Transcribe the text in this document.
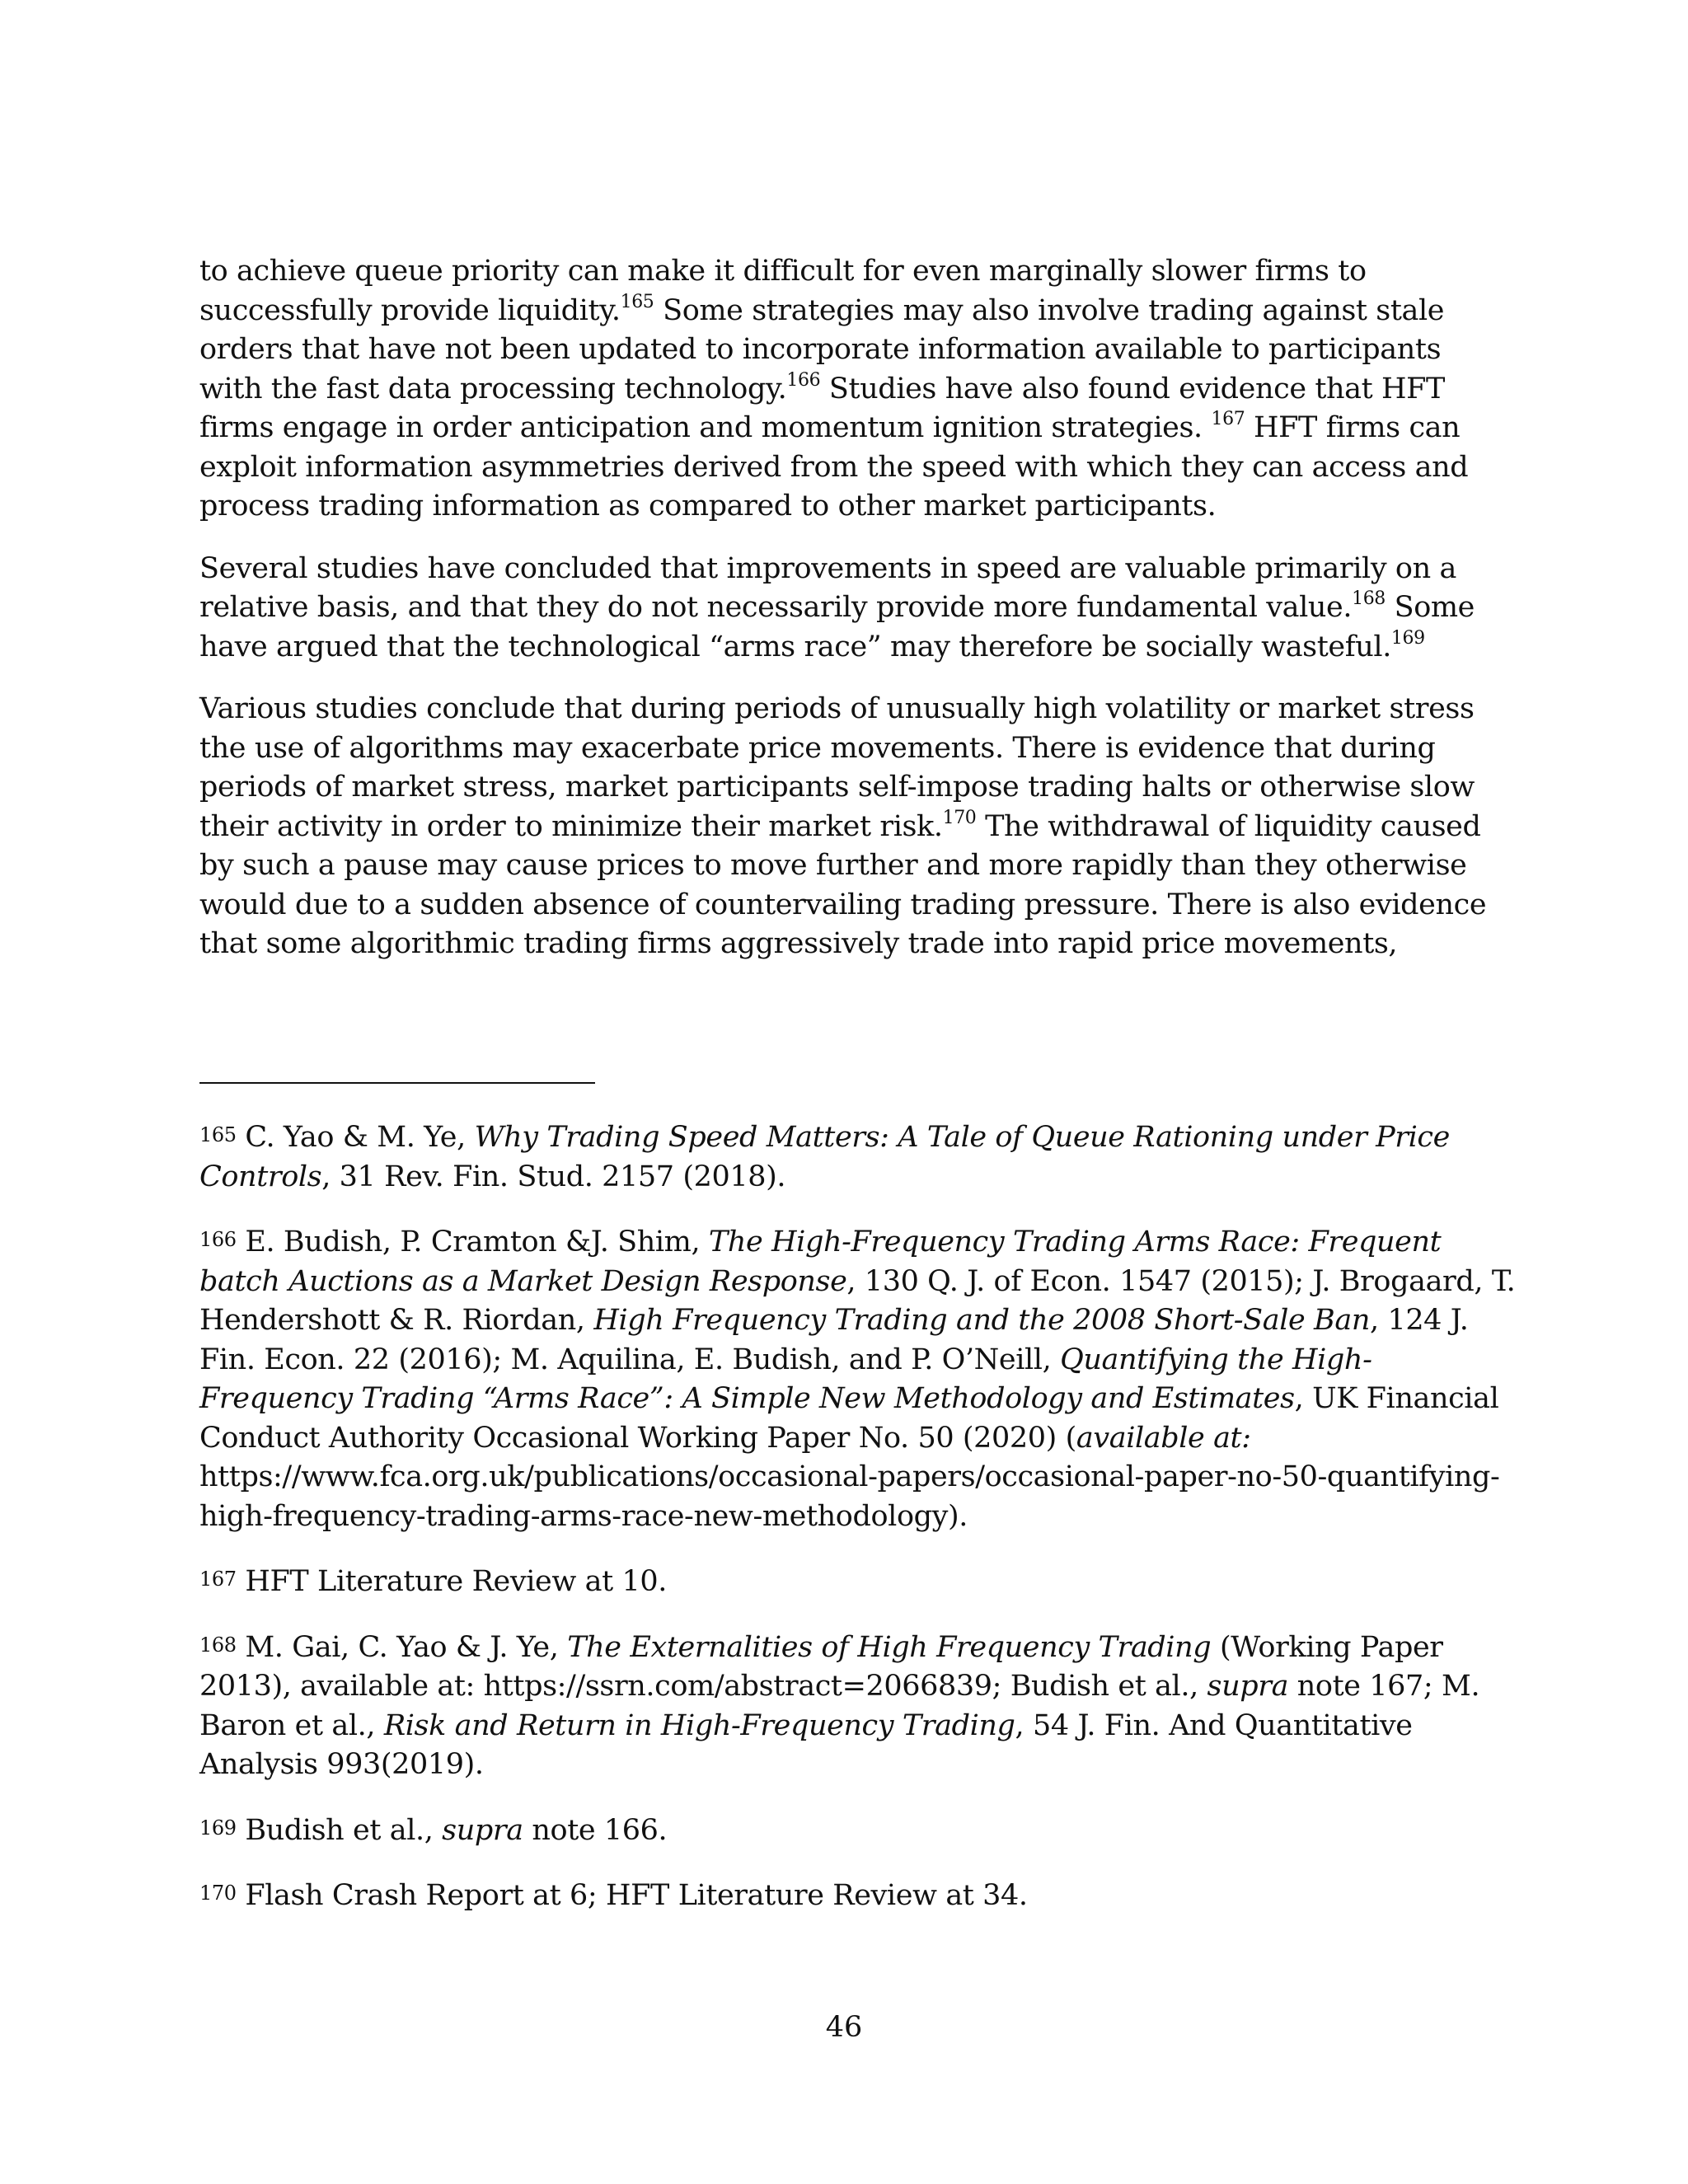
to achieve queue priority can make it difficult for even marginally slower firms to successfully provide liquidity.$^{165}$ Some strategies may also involve trading against stale orders that have not been updated to incorporate information available to participants with the fast data processing technology.$^{166}$ Studies have also found evidence that HFT firms engage in order anticipation and momentum ignition strategies. $^{167}$ HFT firms can exploit information asymmetries derived from the speed with which they can access and process trading information as compared to other market participants.

Several studies have concluded that improvements in speed are valuable primarily on a relative basis, and that they do not necessarily provide more fundamental value.$^{168}$ Some have argued that the technological “arms race” may therefore be socially wasteful.$^{169}$

Various studies conclude that during periods of unusually high volatility or market stress the use of algorithms may exacerbate price movements. There is evidence that during periods of market stress, market participants self-impose trading halts or otherwise slow their activity in order to minimize their market risk.$^{170}$ The withdrawal of liquidity caused by such a pause may cause prices to move further and more rapidly than they otherwise would due to a sudden absence of countervailing trading pressure. There is also evidence that some algorithmic trading firms aggressively trade into rapid price movements,

165 C. Yao & M. Ye, Why Trading Speed Matters: A Tale of Queue Rationing under Price Controls, 31 Rev. Fin. Stud. 2157 (2018).

166 E. Budish, P. Cramton &J. Shim, The High-Frequency Trading Arms Race: Frequent batch Auctions as a Market Design Response, 130 Q. J. of Econ. 1547 (2015); J. Brogaard, T. Hendershott & R. Riordan, High Frequency Trading and the 2008 Short-Sale Ban, 124 J. Fin. Econ. 22 (2016); M. Aquilina, E. Budish, and P. O’Neill, Quantifying the High-Frequency Trading “Arms Race”: A Simple New Methodology and Estimates, UK Financial Conduct Authority Occasional Working Paper No. 50 (2020) (available at: https://www.fca.org.uk/publications/occasional-papers/occasional-paper-no-50-quantifying-high-frequency-trading-arms-race-new-methodology).

167 HFT Literature Review at 10.

168 M. Gai, C. Yao & J. Ye, The Externalities of High Frequency Trading (Working Paper 2013), available at: https://ssrn.com/abstract=2066839; Budish et al., supra note 167; M. Baron et al., Risk and Return in High-Frequency Trading, 54 J. Fin. And Quantitative Analysis 993(2019).

169 Budish et al., supra note 166.

170 Flash Crash Report at 6; HFT Literature Review at 34.

46
